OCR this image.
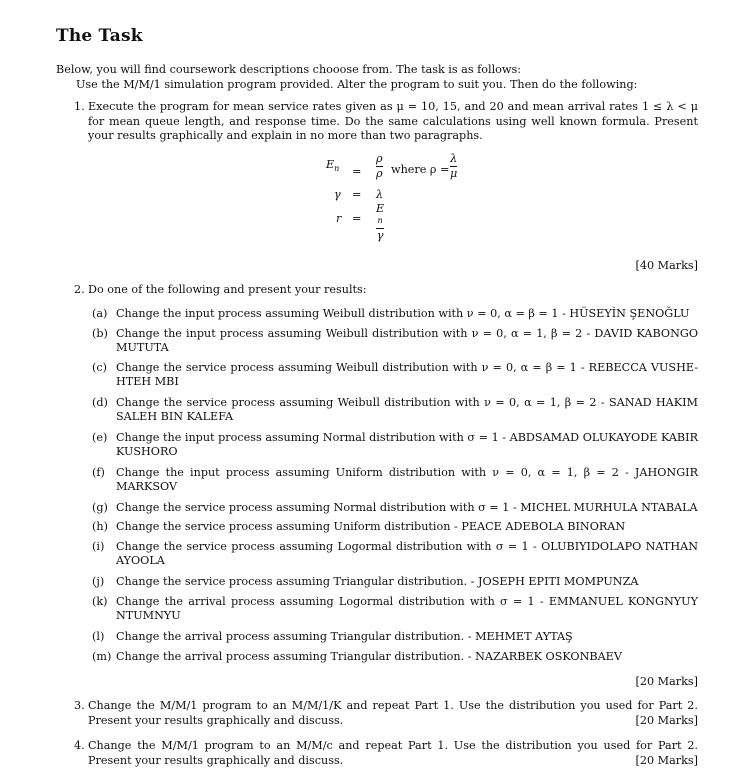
The Task
Below, you will find coursework descriptions chooose from. The task is as follows:
Use the M/M/1 simulation program provided. Alter the program to suit you. Then do the following:
1. Execute the program for mean service rates given as μ = 10, 15, and 20 and mean arrival rates 1 ≤ λ < μ for mean queue length, and response time. Do the same calculations using well known formula. Present your results graphically and explain in no more than two paragraphs.
$E_n = \frac{\rho}{\rho}$ where $\rho = \frac{\lambda}{\mu}$
γ = λ
r = E
n
γ
[40 Marks]
2. Do one of the following and present your results:
(a) Change the input process assuming Weibull distribution with ν = 0, α = β = 1 - HÜSEYİN ŞENOĞLU
(b) Change the input process assuming Weibull distribution with ν = 0, α = 1, β = 2 - DAVID KABONGO MUTUTA
(c) Change the service process assuming Weibull distribution with ν = 0, α = β = 1 - REBECCA VUSHE-HTEH MBI
(d) Change the service process assuming Weibull distribution with ν = 0, α = 1, β = 2 - SANAD HAKIM SALEH BIN KALEFA
(e) Change the input process assuming Normal distribution with σ = 1 - ABDSAMAD OLUKAYODE KABIR KUSHORO
(f) Change the input process assuming Uniform distribution with ν = 0, α = 1, β = 2 - JAHONGIR MARKSOV
(g) Change the service process assuming Normal distribution with σ = 1 - MICHEL MURHULA NTABALA
(h) Change the service process assuming Uniform distribution - PEACE ADEBOLA BINORAN
(i) Change the service process assuming Logormal distribution with σ = 1 - OLUBIYIDOLAPO NATHAN AYOOLA
(j) Change the service process assuming Triangular distribution. - JOSEPH EPITI MOMPUNZA
(k) Change the arrival process assuming Logormal distribution with σ = 1 - EMMANUEL KONGNYUY NTUMNYU
(l) Change the arrival process assuming Triangular distribution. - MEHMET AYTAŞ
(m) Change the arrival process assuming Triangular distribution. - NAZARBEK OSKONBAEV
[20 Marks]
3. Change the M/M/1 program to an M/M/1/K and repeat Part 1. Use the distribution you used for Part 2. Present your results graphically and discuss.	[20 Marks]
4. Change the M/M/1 program to an M/M/c and repeat Part 1. Use the distribution you used for Part 2. Present your results graphically and discuss.	[20 Marks]
